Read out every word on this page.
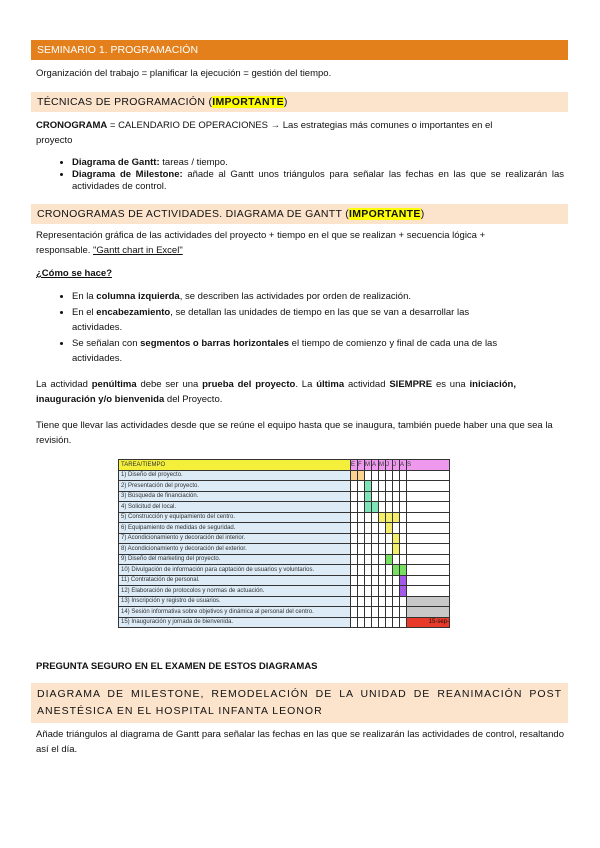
SEMINARIO 1. PROGRAMACIÓN
Organización del trabajo = planificar la ejecución = gestión del tiempo.
TÉCNICAS DE PROGRAMACIÓN (IMPORTANTE)
CRONOGRAMA = CALENDARIO DE OPERACIONES → Las estrategias más comunes o importantes en el proyecto
• Diagrama de Gantt: tareas / tiempo.
• Diagrama de Milestone: añade al Gantt unos triángulos para señalar las fechas en las que se realizarán las actividades de control.
CRONOGRAMAS DE ACTIVIDADES. DIAGRAMA DE GANTT (IMPORTANTE)
Representación gráfica de las actividades del proyecto + tiempo en el que se realizan + secuencia lógica + responsable. "Gantt chart in Excel"
¿Cómo se hace?
• En la columna izquierda, se describen las actividades por orden de realización.
• En el encabezamiento, se detallan las unidades de tiempo en las que se van a desarrollar las actividades.
• Se señalan con segmentos o barras horizontales el tiempo de comienzo y final de cada una de las actividades.
La actividad penúltima debe ser una prueba del proyecto. La última actividad SIEMPRE es una iniciación, inauguración y/o bienvenida del Proyecto.
Tiene que llevar las actividades desde que se reúne el equipo hasta que se inaugura, también puede haber una que sea la revisión.
TAREA/TIEMPO	E	F	M	A	M	J	J	A	S
1) Diseño del proyecto.									
2) Presentación del proyecto.									
3) Búsqueda de financiación.									
4) Solicitud del local.									
5) Construcción y equipamiento del centro.									
6) Equipamiento de medidas de seguridad.									
7) Acondicionamiento y decoración del interior.									
8) Acondicionamiento y decoración del exterior.									
9) Diseño del marketing del proyecto.									
10) Divulgación de información para captación de usuarios y voluntarios.									
11) Contratación de personal.									
12) Elaboración de protocolos y normas de actuación.									
13) Inscripción y registro de usuarios.									
14) Sesión informativa sobre objetivos y dinámica al personal del centro.									
15) Inauguración y jornada de bienvenida.									15-sep-
PREGUNTA SEGURO EN EL EXAMEN DE ESTOS DIAGRAMAS
DIAGRAMA DE MILESTONE, REMODELACIÓN DE LA UNIDAD DE REANIMACIÓN POST ANESTÉSICA EN EL HOSPITAL INFANTA LEONOR
Añade triángulos al diagrama de Gantt para señalar las fechas en las que se realizarán las actividades de control, resaltando así el día.
